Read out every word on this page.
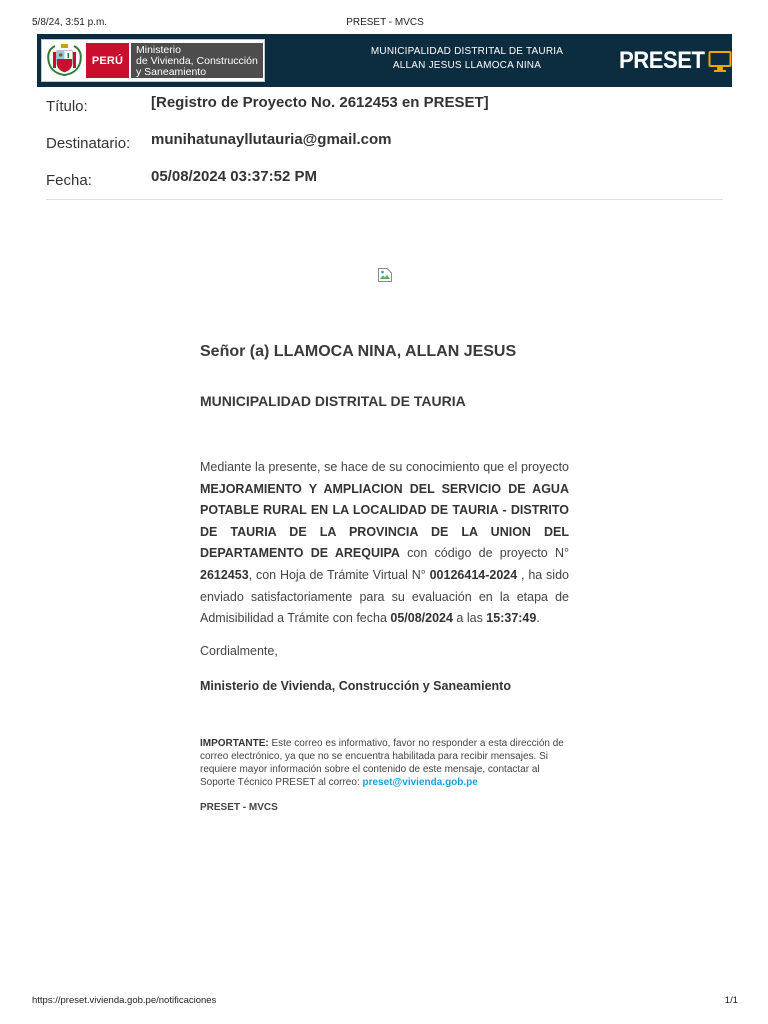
5/8/24, 3:51 p.m.	PRESET - MVCS
PERÚ
Ministerio
de Vivienda, Construcción
y Saneamiento
MUNICIPALIDAD DISTRITAL DE TAURIA
ALLAN JESUS LLAMOCA NINA	PRESET
Título:	[Registro de Proyecto No. 2612453 en PRESET]
Destinatario: munihatunayllutauria@gmail.com
Fecha:	05/08/2024 03:37:52 PM
Señor (a) LLAMOCA NINA, ALLAN JESUS
MUNICIPALIDAD DISTRITAL DE TAURIA

Mediante la presente, se hace de su conocimiento que el proyecto MEJORAMIENTO Y AMPLIACION DEL SERVICIO DE AGUA POTABLE RURAL EN LA LOCALIDAD DE TAURIA - DISTRITO DE TAURIA DE LA PROVINCIA DE LA UNION DEL DEPARTAMENTO DE AREQUIPA con código de proyecto N° 2612453, con Hoja de Trámite Virtual N° 00126414-2024 , ha sido enviado satisfactoriamente para su evaluación en la etapa de Admisibilidad a Trámite con fecha 05/08/2024 a las 15:37:49.

Cordialmente,
Ministerio de Vivienda, Construcción y Saneamiento

IMPORTANTE: Este correo es informativo, favor no responder a esta dirección de correo electrónico, ya que no se encuentra habilitada para recibir mensajes. Si requiere mayor información sobre el contenido de este mensaje, contactar al Soporte Técnico PRESET al correo: preset@vivienda.gob.pe

PRESET - MVCS
https://preset.vivienda.gob.pe/notificaciones	1/1
